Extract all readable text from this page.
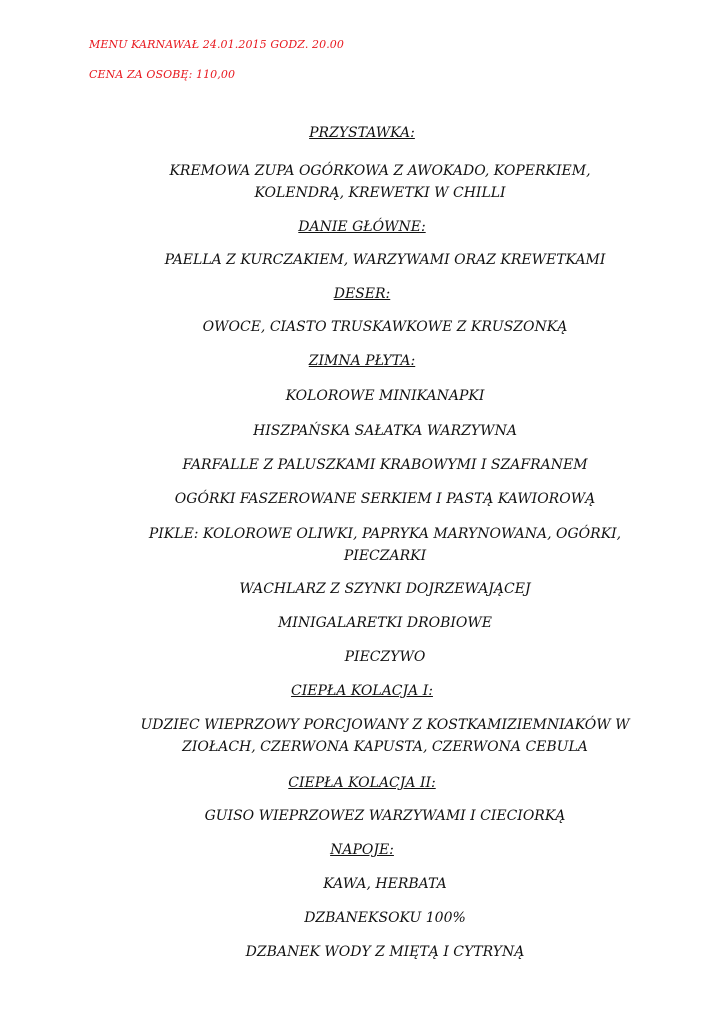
MENU KARNAWAŁ 24.01.2015 GODZ. 20.00
CENA ZA OSOBĘ: 110,00
PRZYSTAWKA:
KREMOWA ZUPA OGÓRKOWA Z AWOKADO, KOPERKIEM, KOLENDRĄ, KREWETKI W CHILLI
DANIE GŁÓWNE:
PAELLA Z KURCZAKIEM, WARZYWAMI ORAZ KREWETKAMI
DESER:
OWOCE, CIASTO TRUSKAWKOWE Z KRUSZONKĄ
ZIMNA PŁYTA:
KOLOROWE MINIKANAPKI
HISZPAŃSKA SAŁATKA WARZYWNA
FARFALLE Z PALUSZKAMI KRABOWYMI I SZAFRANEM
OGÓRKI FASZEROWANE SERKIEM I PASTĄ KAWIOROWĄ
PIKLE: KOLOROWE OLIWKI, PAPRYKA MARYNOWANA, OGÓRKI, PIECZARKI
WACHLARZ Z SZYNKI DOJRZEWAJĄCEJ
MINIGALARETKI DROBIOWE
PIECZYWO
CIEPŁA KOLACJA I:
UDZIEC WIEPRZOWY PORCJOWANY Z KOSTKAMIZIEMNIAKÓW W ZIOŁACH, CZERWONA KAPUSTA, CZERWONA CEBULA
CIEPŁA KOLACJA II:
GUISO WIEPRZOWEZ WARZYWAMI I CIECIORKĄ
NAPOJE:
KAWA, HERBATA
DZBANEKSOKU 100%
DZBANEK WODY Z MIĘTĄ I CYTRYNĄ
